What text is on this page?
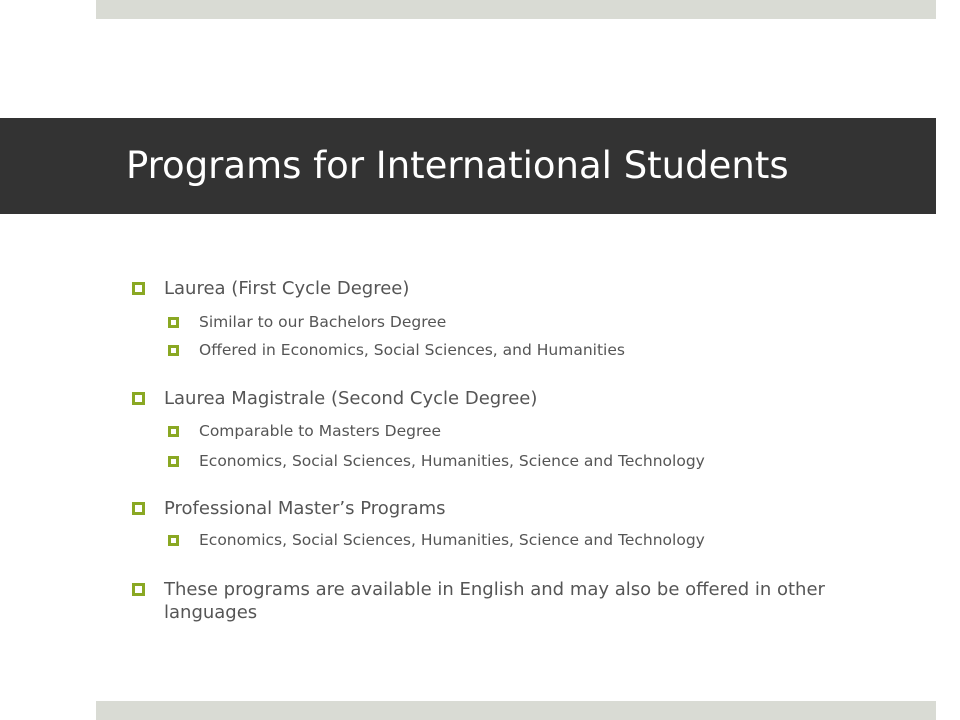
Programs for International Students
Laurea (First Cycle Degree)
Similar to our Bachelors Degree
Offered in Economics, Social Sciences, and Humanities
Laurea Magistrale (Second Cycle Degree)
Comparable to Masters Degree
Economics, Social Sciences, Humanities, Science and Technology
Professional Master’s Programs
Economics, Social Sciences, Humanities, Science and Technology
These programs are available in English and may also be offered in other languages
